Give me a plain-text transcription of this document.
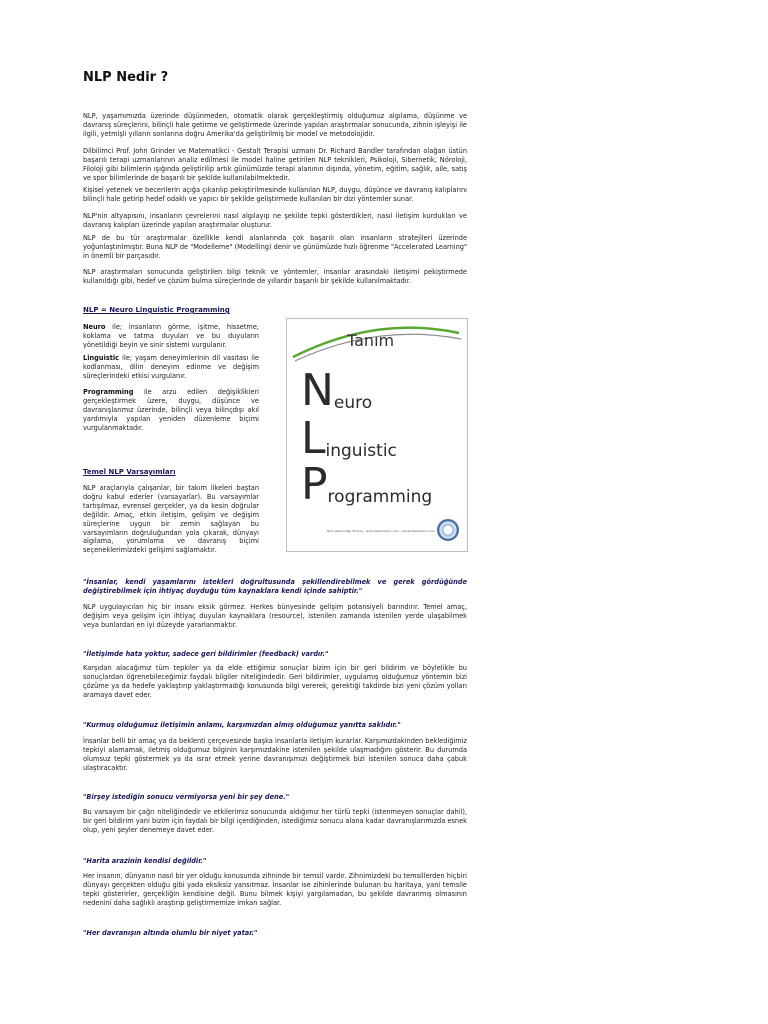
NLP Nedir ?

NLP, yaşamımızda üzerinde düşünmeden, otomatik olarak gerçekleştirmiş olduğumuz algılama, düşünme ve davranış süreçlerini, bilinçli hale getirme ve geliştirmede üzerinde yapılan araştırmalar sonucunda, zihnin işleyişi ile ilgili, yetmişli yılların sonlarına doğru Amerika'da geliştirilmiş bir model ve metodolojidir.

Dilbilimci Prof. John Grinder ve Matematikci - Gestalt Terapisi uzmanı Dr. Richard Bandler tarafından olağan üstün başarılı terapi uzmanlarının analiz edilmesi ile model haline getirilen NLP teknikleri, Psikoloji, Sibernetik, Nöroloji, Filoloji gibi bilimlerin ışığında geliştirilip artık günümüzde terapi alanının dışında, yönetim, eğitim, sağlık, aile, satış ve spor bilimlerinde de başarılı bir şekilde kullanılabilmektedir.

Kişisel yetenek ve becerilerin açığa çıkarılıp pekiştirilmesinde kullanılan NLP, duygu, düşünce ve davranış kalıplarını bilinçli hale getirip hedef odaklı ve yapıcı bir şekilde geliştirmede kullanılan bir dizi yöntemler sunar.

NLP'nin altyapısını, insanların çevrelerini nasıl algılayıp ne şekilde tepki gösterdikleri, nasıl iletişim kurdukları ve davranış kalıpları üzerinde yapılan araştırmalar oluşturur.

NLP de bu tür araştırmalar özellikle kendi alanlarında çok başarılı olan insanların stratejileri üzerinde yoğunlaştırılmıştır. Buna NLP de "Modelleme" (Modelling) denir ve günümüzde hızlı öğrenme "Accelerated Learning" in önemli bir parçasıdır.

NLP araştırmaları sonucunda geliştirilen bilgi teknik ve yöntemler, insanlar arasındaki iletişimi pekiştirmede kullanıldığı gibi, hedef ve çözüm bulma süreçlerinde de yıllardır başarılı bir şekilde kullanılmaktadır.

NLP = Neuro Linguistic Programming

Neuro ile; insanların görme, işitme, hissetme, koklama ve tatma duyuları ve bu duyuların yönetildiği beyin ve sinir sistemi vurgulanır.

Linguistic ile; yaşam deneyimlerinin dil vasıtası ile kodlanması, dilin deneyim edinme ve değişim süreçlerindeki etkisi vurgulanır.

Programming ile arzu edilen değişiklikleri gerçekleştirmek üzere, duygu, düşünce ve davranışlarımız üzerinde, bilinçli veya bilinçdışı akıl yardımıyla yapılan yeniden düzenleme biçimi vurgulanmaktadır.

Temel NLP Varsayımları

NLP araçlarıyla çalışanlar, bir takım ilkeleri baştan doğru kabul ederler (varsayarlar). Bu varsayımlar tartışılmaz, evrensel gerçekler, ya da kesin doğrular değildir. Amaç, etkin iletişim, gelişim ve değişim süreçlerine uygun bir zemin sağlayan bu varsayımların doğruluğundan yola çıkarak, dünyayı algılama, yorumlama ve davranış biçimi seçeneklerimizdeki gelişimi sağlamaktır.

Tanım
Neuro
Linguistic
Programming
NLP Akademiliği Türkiye · www.nlpakademi.com · info@nlpakademi.com

"İnsanlar, kendi yaşamlarını istekleri doğrultusunda şekillendirebilmek ve gerek gördüğünde değiştirebilmek için ihtiyaç duyduğu tüm kaynaklara kendi içinde sahiptir."

NLP uygulayıcıları hiç bir insanı eksik görmez. Herkes bünyesinde gelişim potansiyeli barındırır. Temel amaç, değişim veya gelişim için ihtiyaç duyulan kaynaklara (resource), istenilen zamanda istenilen yerde ulaşabilmek veya bunlardan en iyi düzeyde yararlanmaktır.

"İletişimde hata yoktur, sadece geri bildirimler (feedback) vardır."

Karşıdan alacağımız tüm tepkiler ya da elde ettiğimiz sonuçlar bizim için bir geri bildirim ve böylelikle bu sonuçlardan öğrenebileceğimiz faydalı bilgiler niteliğindedir. Geri bildirimler, uygulamış olduğumuz yöntemin bizi çözüme ya da hedefe yaklaştırıp yaklaştırmadığı konusunda bilgi vererek, gerektiği takdirde bizi yeni çözüm yolları aramaya davet eder.

"Kurmuş olduğumuz iletişimin anlamı, karşımızdan almış olduğumuz yanıtta saklıdır."

İnsanlar belli bir amaç ya da beklenti çerçevesinde başka insanlarla iletişim kurarlar. Karşımızdakinden beklediğimiz tepkiyi alamamak, iletmiş olduğumuz bilginin karşımızdakine istenilen şekilde ulaşmadığını gösterir. Bu durumda olumsuz tepki göstermek ya da ısrar etmek yerine davranışımızı değiştirmek bizi istenilen sonuca daha çabuk ulaştıracaktır.

"Birşey istediğin sonucu vermiyorsa yeni bir şey dene."

Bu varsayım bir çağrı niteliğindedir ve etkilerimiz sonucunda aldığımız her türlü tepki (istenmeyen sonuçlar dahil), bir geri bildirim yani bizim için faydalı bir bilgi içerdiğinden, istediğimiz sonucu alana kadar davranışlarımızda esnek olup, yeni şeyler denemeye davet eder.

"Harita arazinin kendisi değildir."

Her insanın, dünyanın nasıl bir yer olduğu konusunda zihninde bir temsil vardır. Zihnimizdeki bu temsillerden hiçbiri dünyayı gerçekten olduğu gibi yada eksiksiz yansıtmaz. İnsanlar ise zihinlerinde bulunan bu haritaya, yani temsile tepki gösterirler, gerçekliğin kendisine değil. Bunu bilmek kişiyi yargılamadan, bu şekilde davranmış olmasının nedenini daha sağlıklı araştırıp geliştirmemize imkan sağlar.

"Her davranışın altında olumlu bir niyet yatar."
